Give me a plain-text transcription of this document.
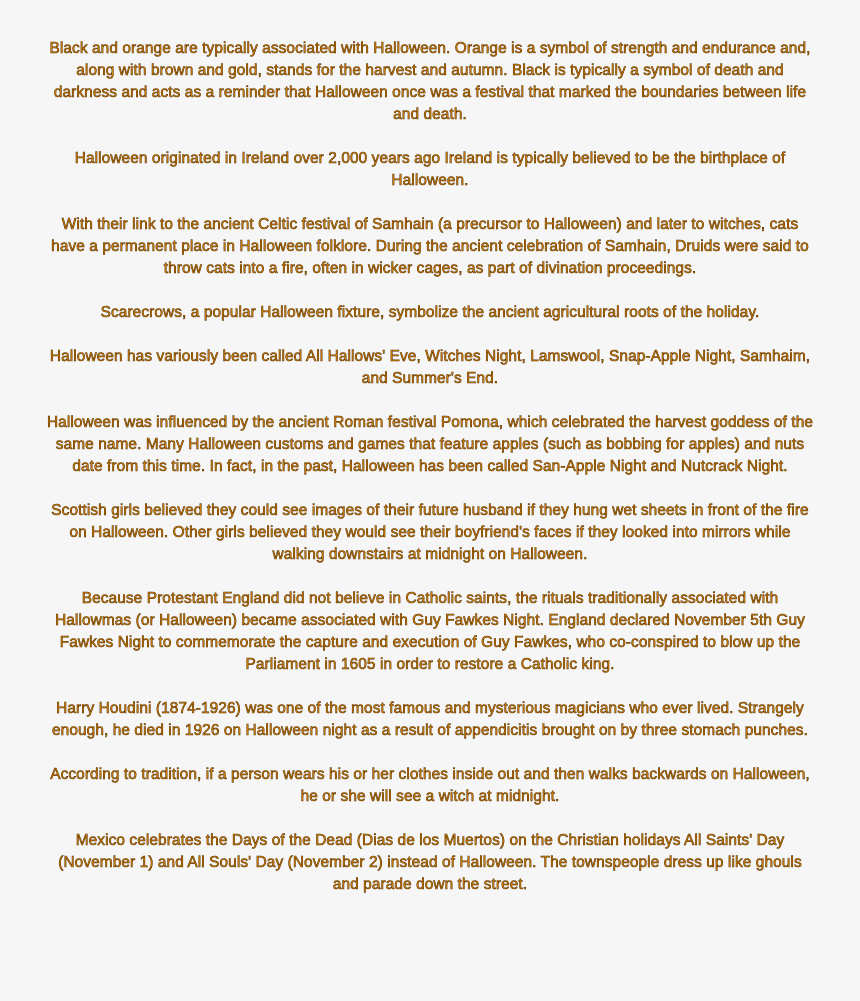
Black and orange are typically associated with Halloween. Orange is a symbol of strength and endurance and, along with brown and gold, stands for the harvest and autumn. Black is typically a symbol of death and darkness and acts as a reminder that Halloween once was a festival that marked the boundaries between life and death.

Halloween originated in Ireland over 2,000 years ago Ireland is typically believed to be the birthplace of Halloween.

With their link to the ancient Celtic festival of Samhain (a precursor to Halloween) and later to witches, cats have a permanent place in Halloween folklore. During the ancient celebration of Samhain, Druids were said to throw cats into a fire, often in wicker cages, as part of divination proceedings.

Scarecrows, a popular Halloween fixture, symbolize the ancient agricultural roots of the holiday.

Halloween has variously been called All Hallows' Eve, Witches Night, Lamswool, Snap-Apple Night, Samhaim, and Summer's End.

Halloween was influenced by the ancient Roman festival Pomona, which celebrated the harvest goddess of the same name. Many Halloween customs and games that feature apples (such as bobbing for apples) and nuts date from this time. In fact, in the past, Halloween has been called San-Apple Night and Nutcrack Night.

Scottish girls believed they could see images of their future husband if they hung wet sheets in front of the fire on Halloween. Other girls believed they would see their boyfriend's faces if they looked into mirrors while walking downstairs at midnight on Halloween.

Because Protestant England did not believe in Catholic saints, the rituals traditionally associated with Hallowmas (or Halloween) became associated with Guy Fawkes Night. England declared November 5th Guy Fawkes Night to commemorate the capture and execution of Guy Fawkes, who co-conspired to blow up the Parliament in 1605 in order to restore a Catholic king.

Harry Houdini (1874-1926) was one of the most famous and mysterious magicians who ever lived. Strangely enough, he died in 1926 on Halloween night as a result of appendicitis brought on by three stomach punches.

According to tradition, if a person wears his or her clothes inside out and then walks backwards on Halloween, he or she will see a witch at midnight.

Mexico celebrates the Days of the Dead (Dias de los Muertos) on the Christian holidays All Saints' Day (November 1) and All Souls' Day (November 2) instead of Halloween. The townspeople dress up like ghouls and parade down the street.
